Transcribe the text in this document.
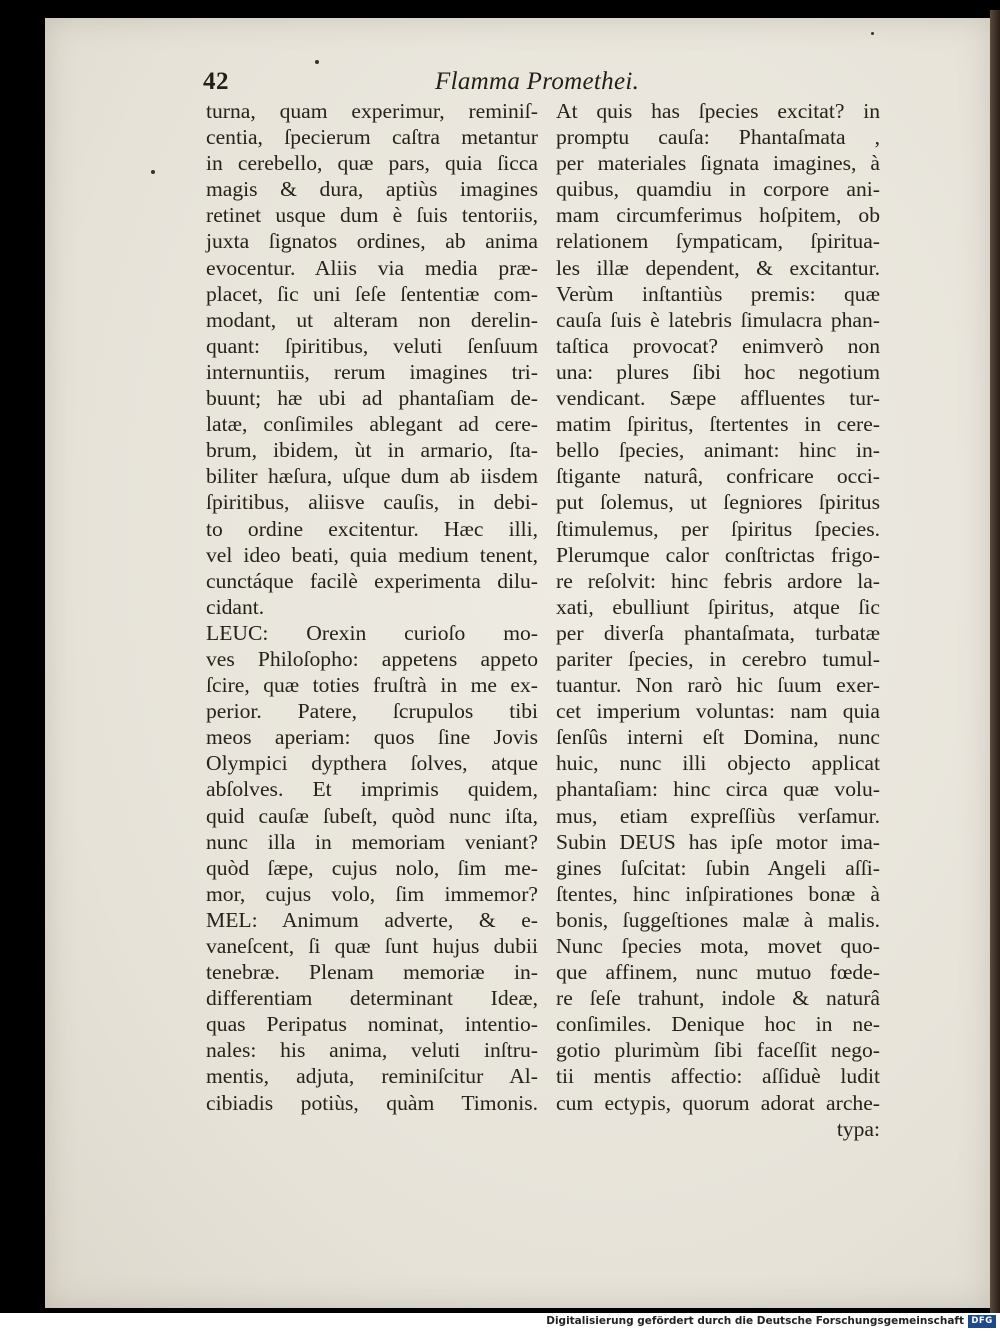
42	Flamma Promethei.
turna, quam experimur, reminiſ-
centia, ſpecierum caſtra metantur
in cerebello, quæ pars, quia ſicca
magis & dura, aptiùs imagines
retinet usque dum è ſuis tentoriis,
juxta ſignatos ordines, ab anima
evocentur. Aliis via media præ-
placet, ſic uni ſeſe ſententiæ com-
modant, ut alteram non derelin-
quant: ſpiritibus, veluti ſenſuum
internuntiis, rerum imagines tri-
buunt; hæ ubi ad phantaſiam de-
latæ, conſimiles ablegant ad cere-
brum, ibidem, ùt in armario, ſta-
biliter hæſura, uſque dum ab iisdem
ſpiritibus, aliisve cauſis, in debi-
to ordine excitentur. Hæc illi,
vel ideo beati, quia medium tenent,
cunctáque facilè experimenta dilu-
cidant.
LEUC: Orexin curioſo mo-
ves Philoſopho: appetens appeto
ſcire, quæ toties fruſtrà in me ex-
perior. Patere, ſcrupulos tibi
meos aperiam: quos ſine Jovis
Olympici dypthera ſolves, atque
abſolves. Et imprimis quidem,
quid cauſæ ſubeſt, quòd nunc iſta,
nunc illa in memoriam veniant?
quòd ſæpe, cujus nolo, ſim me-
mor, cujus volo, ſim immemor?
MEL: Animum adverte, & e-
vaneſcent, ſi quæ ſunt hujus dubii
tenebræ. Plenam memoriæ in-
differentiam determinant Ideæ,
quas Peripatus nominat, intentio-
nales: his anima, veluti inſtru-
mentis, adjuta, reminiſcitur Al-
cibiadis potiùs, quàm Timonis.
At quis has ſpecies excitat? in
promptu cauſa: Phantaſmata ,
per materiales ſignata imagines, à
quibus, quamdiu in corpore ani-
mam circumferimus hoſpitem, ob
relationem ſympaticam, ſpiritua-
les illæ dependent, & excitantur.
Verùm inſtantiùs premis: quæ
cauſa ſuis è latebris ſimulacra phan-
taſtica provocat? enimverò non
una: plures ſibi hoc negotium
vendicant. Sæpe affluentes tur-
matim ſpiritus, ſtertentes in cere-
bello ſpecies, animant: hinc in-
ſtigante naturâ, confricare occi-
put ſolemus, ut ſegniores ſpiritus
ſtimulemus, per ſpiritus ſpecies.
Plerumque calor conſtrictas frigo-
re reſolvit: hinc febris ardore la-
xati, ebulliunt ſpiritus, atque ſic
per diverſa phantaſmata, turbatæ
pariter ſpecies, in cerebro tumul-
tuantur. Non rarò hic ſuum exer-
cet imperium voluntas: nam quia
ſenſûs interni eſt Domina, nunc
huic, nunc illi objecto applicat
phantaſiam: hinc circa quæ volu-
mus, etiam expreſſiùs verſamur.
Subin DEUS has ipſe motor ima-
gines ſuſcitat: ſubin Angeli aſſi-
ſtentes, hinc inſpirationes bonæ à
bonis, ſuggeſtiones malæ à malis.
Nunc ſpecies mota, movet quo-
que affinem, nunc mutuo fœde-
re ſeſe trahunt, indole & naturâ
conſimiles. Denique hoc in ne-
gotio plurimùm ſibi faceſſit nego-
tii mentis affectio: aſſiduè ludit
cum ectypis, quorum adorat arche-
typa:
Digitalisierung gefördert durch die Deutsche Forschungsgemeinschaft DFG
